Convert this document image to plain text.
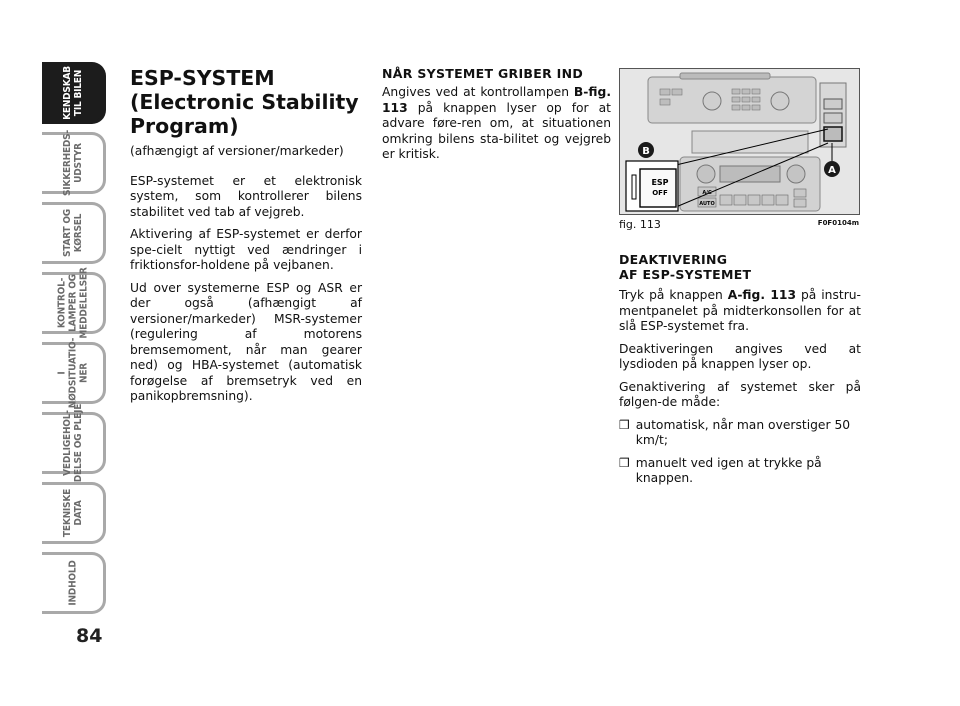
KENDSKAB
TIL BILEN
SIKKERHEDS-
UDSTYR
START OG
KØRSEL
KONTROL-
LAMPER OG
MEDDELELSER
I
NØDSITUATIO-
NER
VEDLIGEHOL-
DELSE OG PLEJE
TEKNISKE
DATA
INDHOLD
84
ESP-SYSTEM
(Electronic Stability
Program)

(afhængigt af versioner/markeder)

ESP-systemet er et elektronisk system, som kontrollerer bilens stabilitet ved tab af vejgreb.

Aktivering af ESP-systemet er derfor spe-cielt nyttigt ved ændringer i friktionsfor-holdene på vejbanen.

Ud over systemerne ESP og ASR er der også (afhængigt af versioner/markeder) MSR-systemer (regulering af motorens bremsemoment, når man gearer ned) og HBA-systemet (automatisk forøgelse af bremsetryk ved en panikopbremsning).

NÅR SYSTEMET GRIBER IND

Angives ved at kontrollampen B-fig. 113 på knappen lyser op for at advare føre-ren om, at situationen omkring bilens sta-bilitet og vejgreb er kritisk.

A/C
AUTO
ESP
OFF
B
A
fig. 113	F0F0104m
DEAKTIVERING
AF ESP-SYSTEMET

Tryk på knappen A-fig. 113 på instru-mentpanelet på midterkonsollen for at slå ESP-systemet fra.

Deaktiveringen angives ved at lysdioden på knappen lyser op.

Genaktivering af systemet sker på følgen-de måde:

❒ automatisk, når man overstiger 50 km/t;
❒ manuelt ved igen at trykke på knappen.
